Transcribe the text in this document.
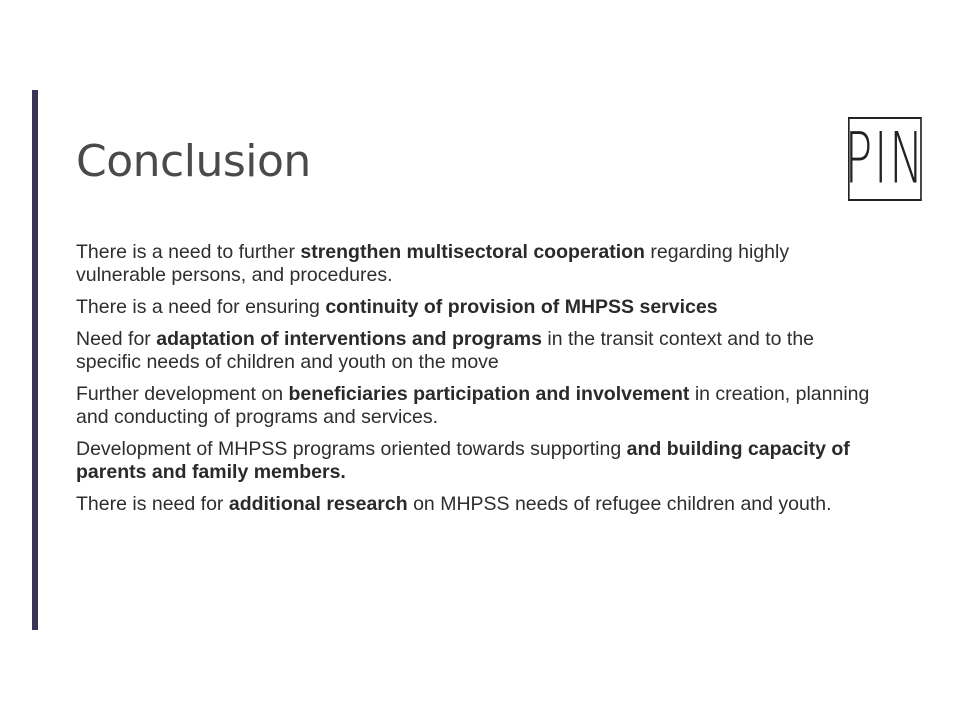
Conclusion	PIN
There is a need to further strengthen multisectoral cooperation regarding highly vulnerable persons, and procedures.
There is a need for ensuring continuity of provision of MHPSS services
Need for adaptation of interventions and programs in the transit context and to the specific needs of children and youth on the move
Further development on beneficiaries participation and involvement in creation, planning and conducting of programs and services.
Development of MHPSS programs oriented towards supporting and building capacity of parents and family members.
There is need for additional research on MHPSS needs of refugee children and youth.
